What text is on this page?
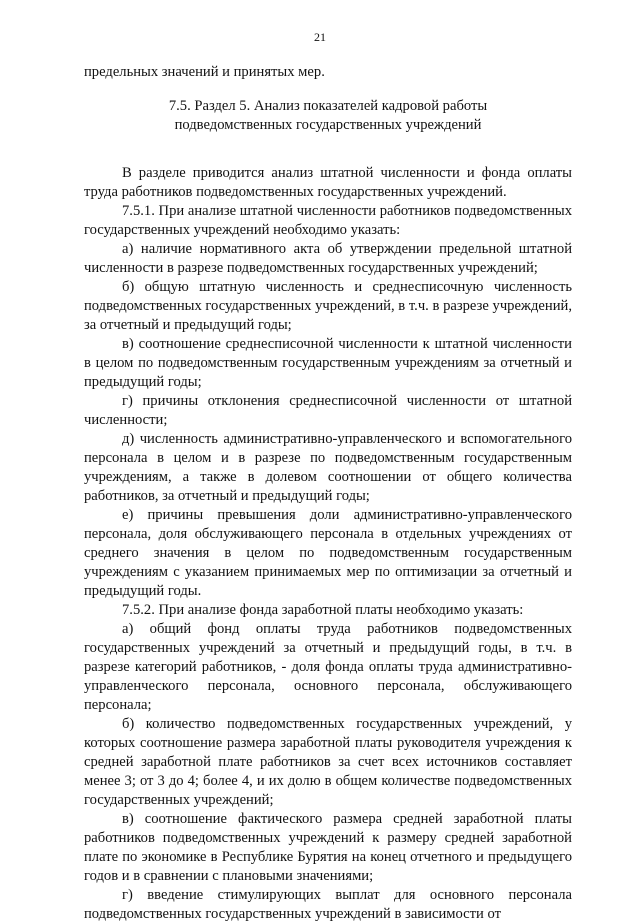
21

предельных значений и принятых мер.

7.5. Раздел 5. Анализ показателей кадровой работы
подведомственных государственных учреждений

В разделе приводится анализ штатной численности и фонда оплаты труда работников подведомственных государственных учреждений.

7.5.1. При анализе штатной численности работников подведомственных государственных учреждений необходимо указать:

а) наличие нормативного акта об утверждении предельной штатной численности в разрезе подведомственных государственных учреждений;

б) общую штатную численность и среднесписочную численность подведомственных государственных учреждений, в т.ч. в разрезе учреждений, за отчетный и предыдущий годы;

в) соотношение среднесписочной численности к штатной численности в целом по подведомственным государственным учреждениям за отчетный и предыдущий годы;

г) причины отклонения среднесписочной численности от штатной численности;

д) численность административно-управленческого и вспомогательного персонала в целом и в разрезе по подведомственным государственным учреждениям, а также в долевом соотношении от общего количества работников, за отчетный и предыдущий годы;

е) причины превышения доли административно-управленческого персонала, доля обслуживающего персонала в отдельных учреждениях от среднего значения в целом по подведомственным государственным учреждениям с указанием принимаемых мер по оптимизации за отчетный и предыдущий годы.

7.5.2. При анализе фонда заработной платы необходимо указать:

а) общий фонд оплаты труда работников подведомственных государственных учреждений за отчетный и предыдущий годы, в т.ч. в разрезе категорий работников, - доля фонда оплаты труда административно-управленческого персонала, основного персонала, обслуживающего персонала;

б) количество подведомственных государственных учреждений, у которых соотношение размера заработной платы руководителя учреждения к средней заработной плате работников за счет всех источников составляет менее 3; от 3 до 4; более 4, и их долю в общем количестве подведомственных государственных учреждений;

в) соотношение фактического размера средней заработной платы работников подведомственных учреждений к размеру средней заработной плате по экономике в Республике Бурятия на конец отчетного и предыдущего годов и в сравнении с плановыми значениями;

г) введение стимулирующих выплат для основного персонала подведомственных государственных учреждений в зависимости от
